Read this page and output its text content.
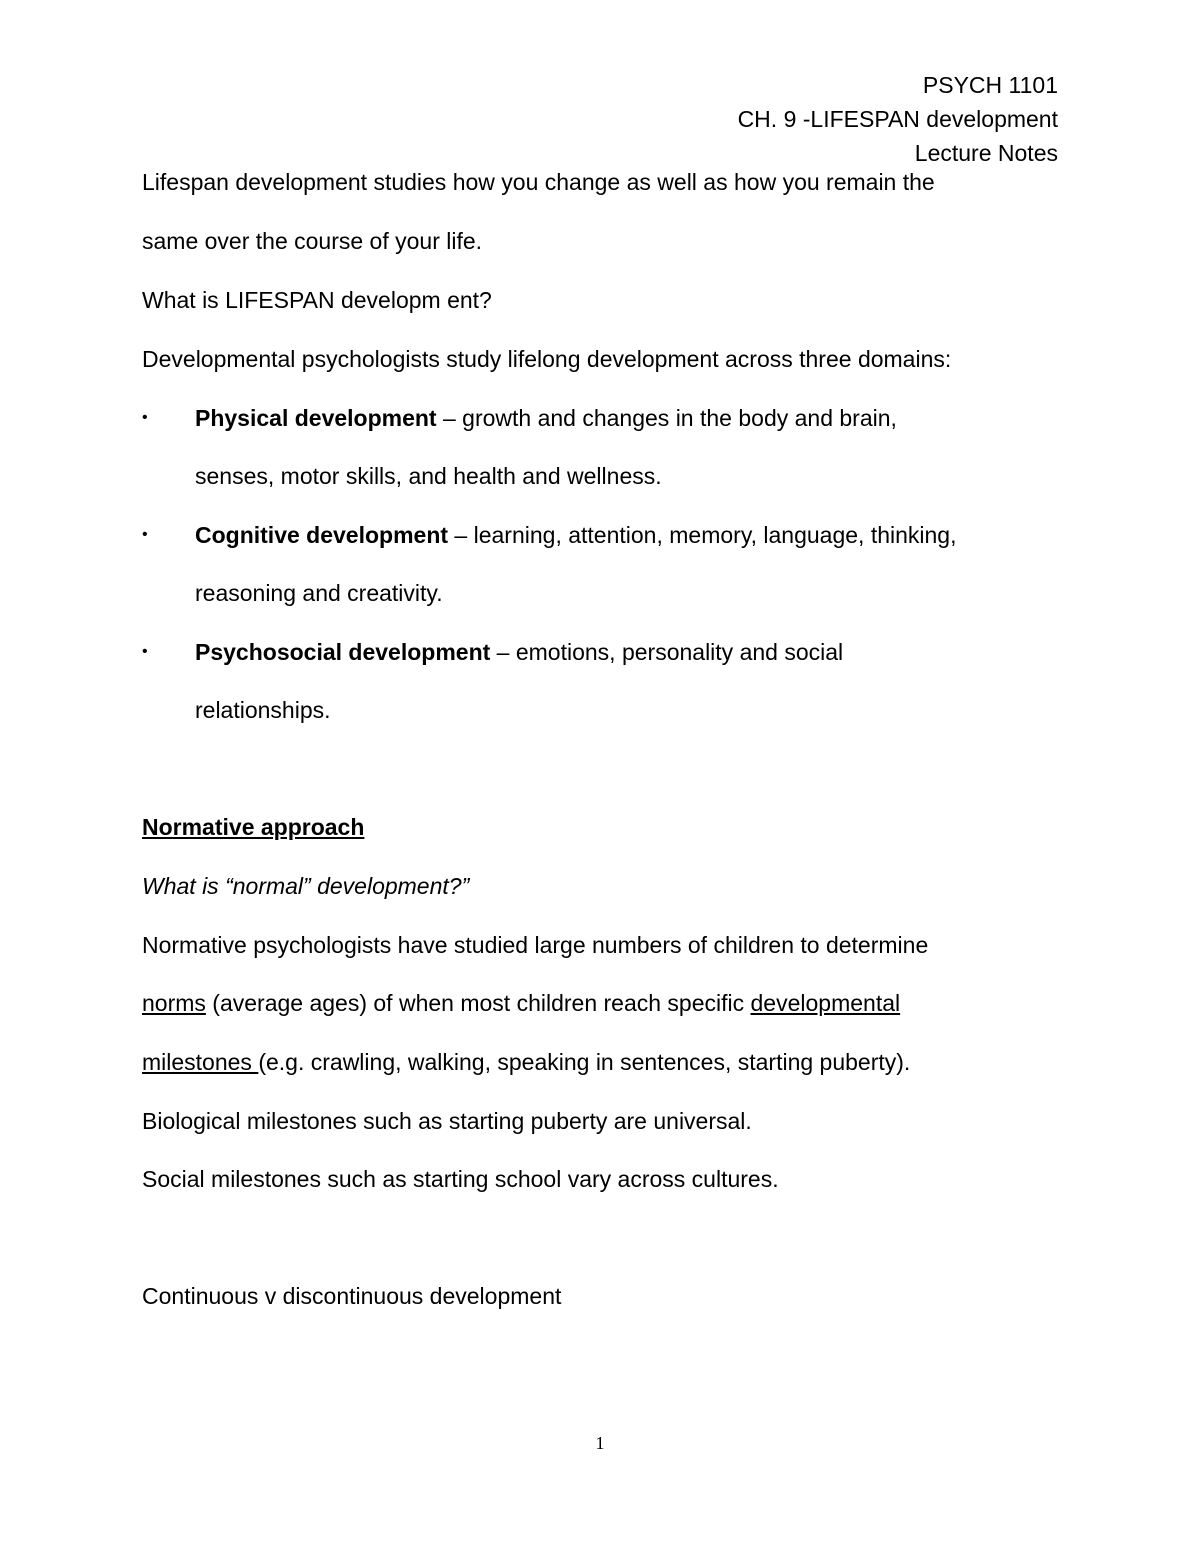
PSYCH 1101
CH. 9 -LIFESPAN development
Lecture Notes
Lifespan development studies how you change as well as how you remain the
same over the course of your life.
What is LIFESPAN developm ent?
Developmental psychologists study lifelong development across three domains:
• Physical development – growth and changes in the body and brain,
senses, motor skills, and health and wellness.
• Cognitive development – learning, attention, memory, language, thinking,
reasoning and creativity.
• Psychosocial development – emotions, personality and social
relationships.
Normative approach
What is “normal” development?”
Normative psychologists have studied large numbers of children to determine
norms (average ages) of when most children reach specific developmental
milestones (e.g. crawling, walking, speaking in sentences, starting puberty).
Biological milestones such as starting puberty are universal.
Social milestones such as starting school vary across cultures.
Continuous v discontinuous development
1
